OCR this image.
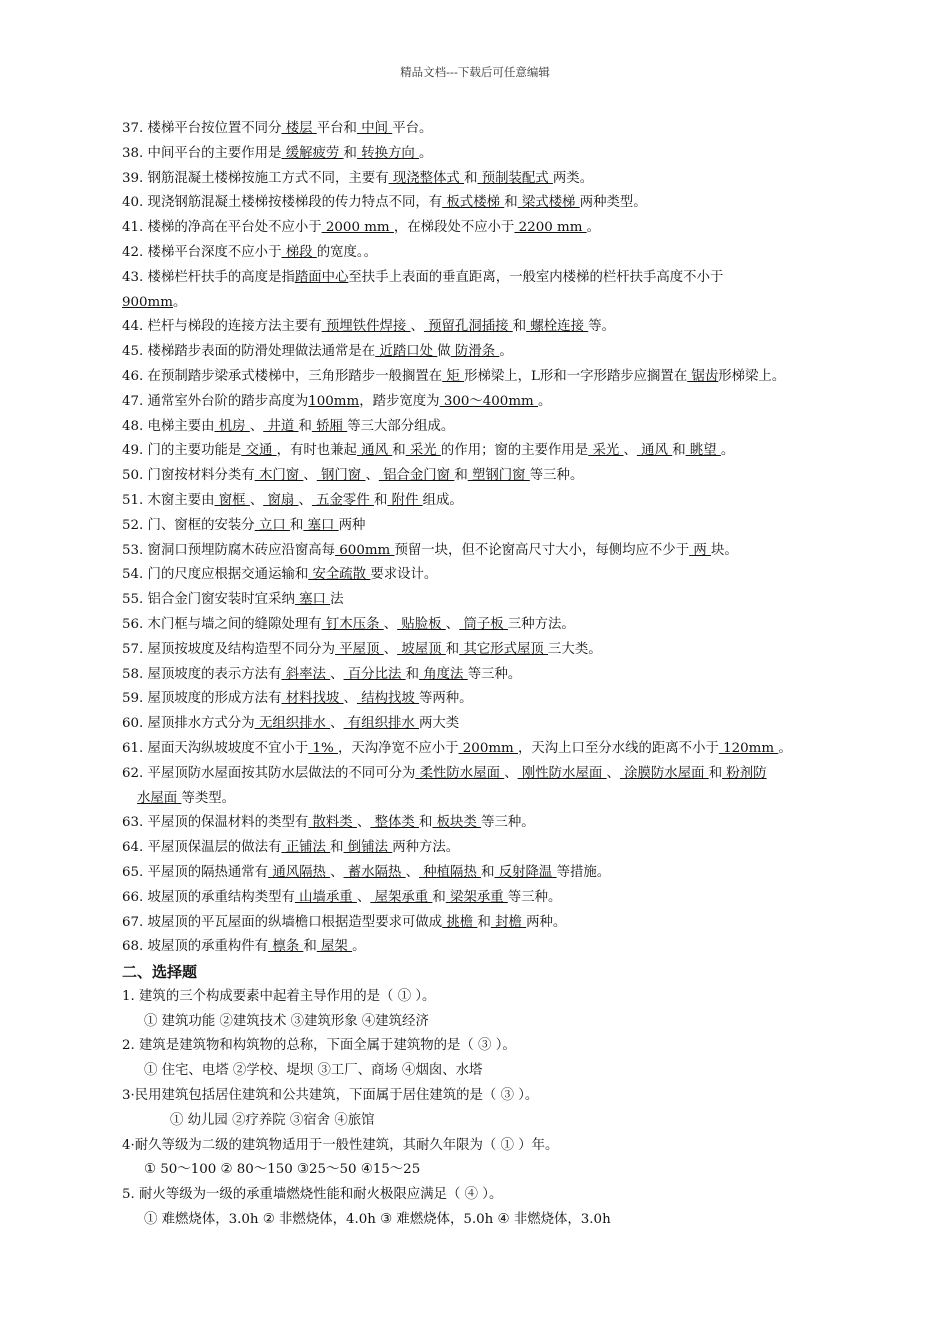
精品文档---下载后可任意编辑
37. 楼梯平台按位置不同分 楼层 平台和 中间 平台。
38. 中间平台的主要作用是 缓解疲劳 和 转换方向 。
39. 钢筋混凝土楼梯按施工方式不同，主要有 现浇整体式 和 预制装配式 两类。
40. 现浇钢筋混凝土楼梯按楼梯段的传力特点不同，有 板式楼梯 和 梁式楼梯 两种类型。
41. 楼梯的净高在平台处不应小于 2000 mm ，在梯段处不应小于 2200 mm 。
42. 楼梯平台深度不应小于 梯段 的宽度。。
43. 楼梯栏杆扶手的高度是指踏面中心至扶手上表面的垂直距离，一般室内楼梯的栏杆扶手高度不小于
900mm。
44. 栏杆与梯段的连接方法主要有 预埋铁件焊接 、 预留孔洞插接 和 螺栓连接 等。
45. 楼梯踏步表面的防滑处理做法通常是在 近踏口处 做 防滑条 。
46. 在预制踏步梁承式楼梯中，三角形踏步一般搁置在 矩 形梯梁上，L形和一字形踏步应搁置在 锯齿形梯梁上。
47. 通常室外台阶的踏步高度为100mm，踏步宽度为 300～400mm 。
48. 电梯主要由 机房 、 井道 和 轿厢 等三大部分组成。
49. 门的主要功能是 交通 ，有时也兼起 通风 和 采光 的作用；窗的主要作用是 采光 、 通风 和 眺望 。
50. 门窗按材料分类有 木门窗 、 钢门窗 、 铝合金门窗 和 塑钢门窗 等三种。
51. 木窗主要由 窗框 、 窗扇 、 五金零件 和 附件 组成。
52. 门、窗框的安装分 立口 和 塞口 两种
53. 窗洞口预埋防腐木砖应沿窗高每 600mm 预留一块，但不论窗高尺寸大小，每侧均应不少于 两 块。
54. 门的尺度应根据交通运输和 安全疏散 要求设计。
55. 铝合金门窗安装时宜采纳 塞口 法
56. 木门框与墙之间的缝隙处理有 钉木压条 、 贴脸板 、 筒子板 三种方法。
57. 屋顶按坡度及结构造型不同分为 平屋顶 、 坡屋顶 和 其它形式屋顶 三大类。
58. 屋顶坡度的表示方法有 斜率法 、 百分比法 和 角度法 等三种。
59. 屋顶坡度的形成方法有 材料找坡 、 结构找坡 等两种。
60. 屋顶排水方式分为 无组织排水 、 有组织排水 两大类
61. 屋面天沟纵坡坡度不宜小于 1% ，天沟净宽不应小于 200mm ，天沟上口至分水线的距离不小于 120mm 。
62. 平屋顶防水屋面按其防水层做法的不同可分为 柔性防水屋面 、 刚性防水屋面 、 涂膜防水屋面 和 粉剂防
水屋面 等类型。
63. 平屋顶的保温材料的类型有 散料类 、 整体类 和 板块类 等三种。
64. 平屋顶保温层的做法有 正铺法 和 倒铺法 两种方法。
65. 平屋顶的隔热通常有 通风隔热 、 蓄水隔热 、 种植隔热 和 反射降温 等措施。
66. 坡屋顶的承重结构类型有 山墙承重 、 屋架承重 和 梁架承重 等三种。
67. 坡屋顶的平瓦屋面的纵墙檐口根据造型要求可做成 挑檐 和 封檐 两种。
68. 坡屋顶的承重构件有 檩条 和 屋架 。
二、选择题
1. 建筑的三个构成要素中起着主导作用的是（ ① ）。
① 建筑功能 ②建筑技术 ③建筑形象 ④建筑经济
2. 建筑是建筑物和构筑物的总称，下面全属于建筑物的是（ ③ ）。
① 住宅、电塔 ②学校、堤坝 ③工厂、商场 ④烟囱、水塔
3·民用建筑包括居住建筑和公共建筑，下面属于居住建筑的是（ ③ ）。
① 幼儿园 ②疗养院 ③宿舍 ④旅馆
4·耐久等级为二级的建筑物适用于一般性建筑，其耐久年限为（ ① ）年。
① 50～100 ② 80～150 ③25～50 ④15～25
5. 耐火等级为一级的承重墙燃烧性能和耐火极限应满足（ ④ ）。
① 难燃烧体，3.0h ② 非燃烧体，4.0h ③ 难燃烧体，5.0h ④ 非燃烧体，3.0h
